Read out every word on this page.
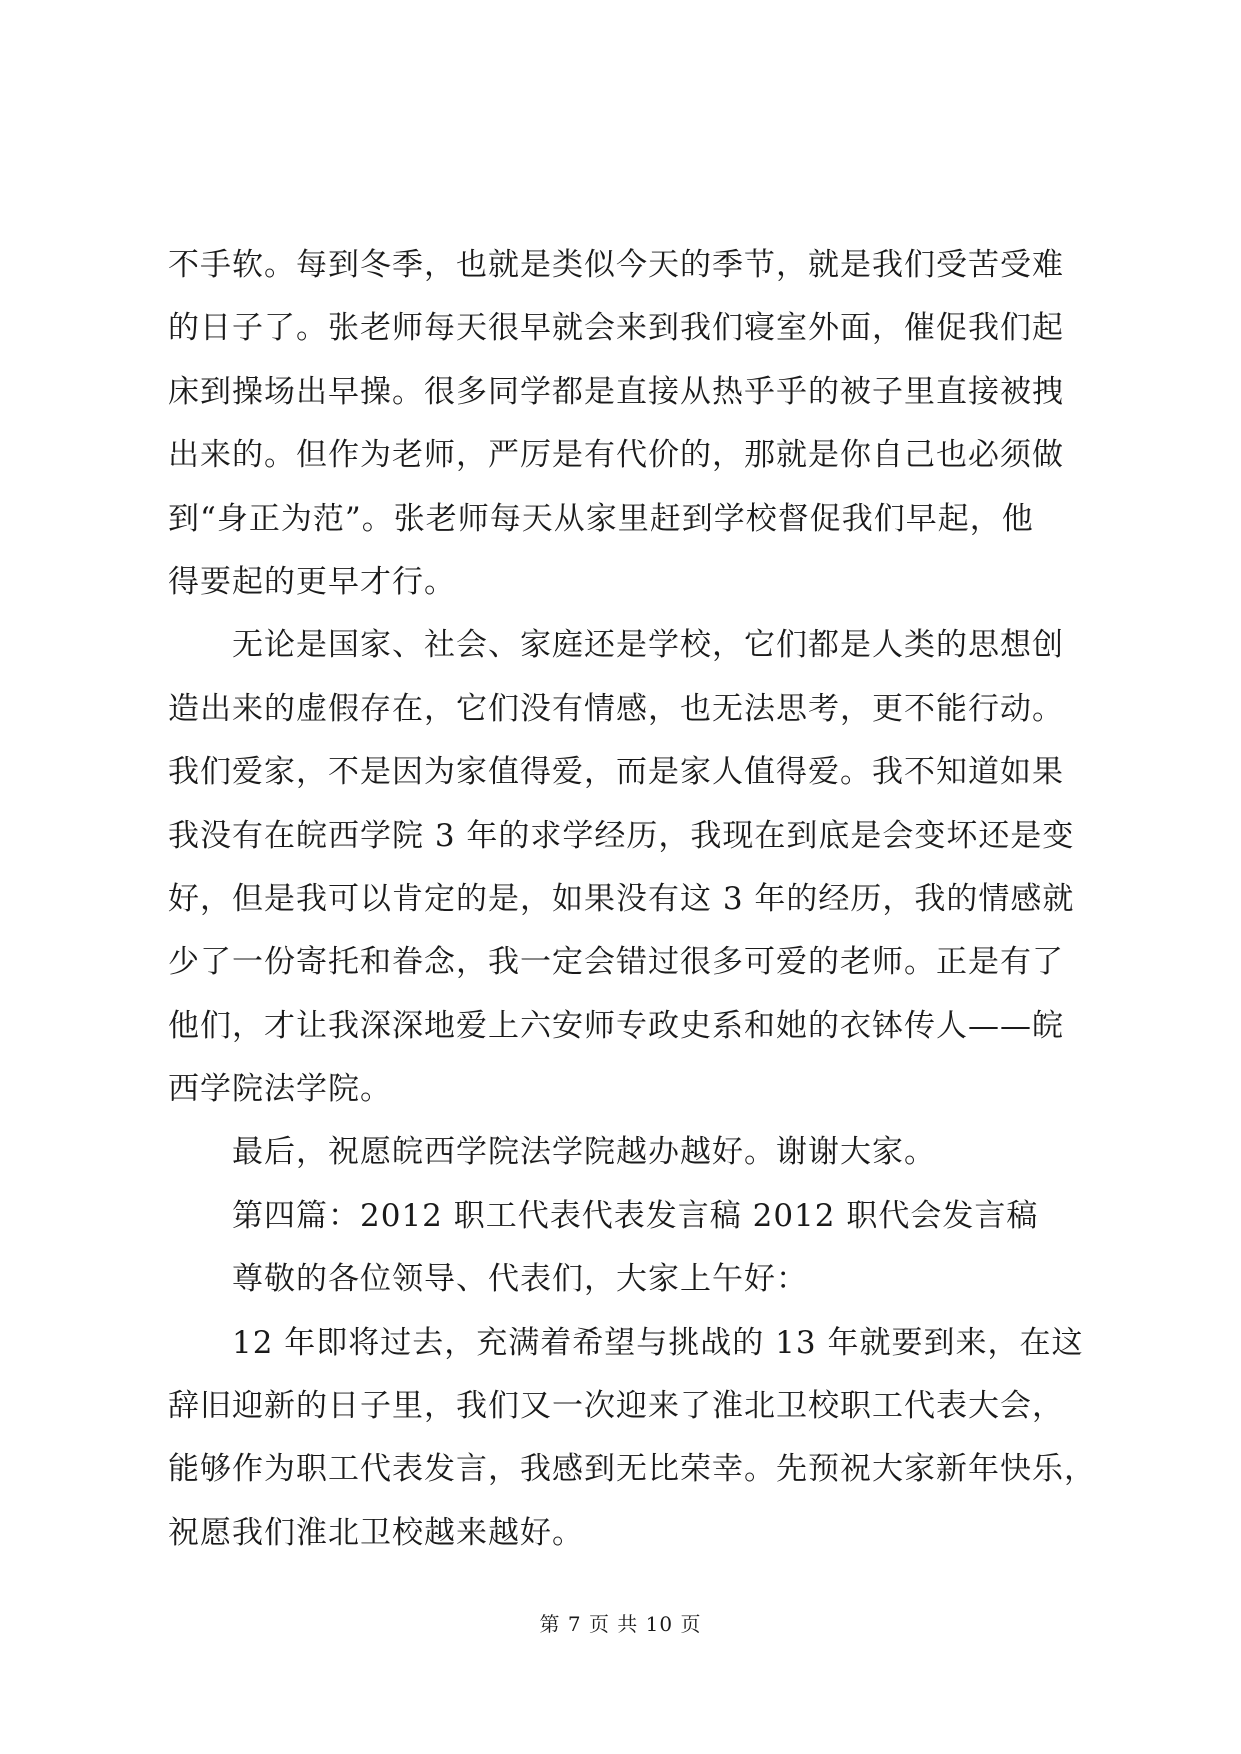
不手软。每到冬季，也就是类似今天的季节，就是我们受苦受难
的日子了。张老师每天很早就会来到我们寝室外面，催促我们起
床到操场出早操。很多同学都是直接从热乎乎的被子里直接被拽
出来的。但作为老师，严厉是有代价的，那就是你自己也必须做
到“身正为范”。张老师每天从家里赶到学校督促我们早起，他
得要起的更早才行。
无论是国家、社会、家庭还是学校，它们都是人类的思想创
造出来的虚假存在，它们没有情感，也无法思考，更不能行动。
我们爱家，不是因为家值得爱，而是家人值得爱。我不知道如果
我没有在皖西学院 3 年的求学经历，我现在到底是会变坏还是变
好，但是我可以肯定的是，如果没有这 3 年的经历，我的情感就
少了一份寄托和眷念，我一定会错过很多可爱的老师。正是有了
他们，才让我深深地爱上六安师专政史系和她的衣钵传人——皖
西学院法学院。
最后，祝愿皖西学院法学院越办越好。谢谢大家。
第四篇：2012 职工代表代表发言稿 2012 职代会发言稿
尊敬的各位领导、代表们，大家上午好：
12 年即将过去，充满着希望与挑战的 13 年就要到来，在这
辞旧迎新的日子里，我们又一次迎来了淮北卫校职工代表大会，
能够作为职工代表发言，我感到无比荣幸。先预祝大家新年快乐，
祝愿我们淮北卫校越来越好。
第 7 页 共 10 页
